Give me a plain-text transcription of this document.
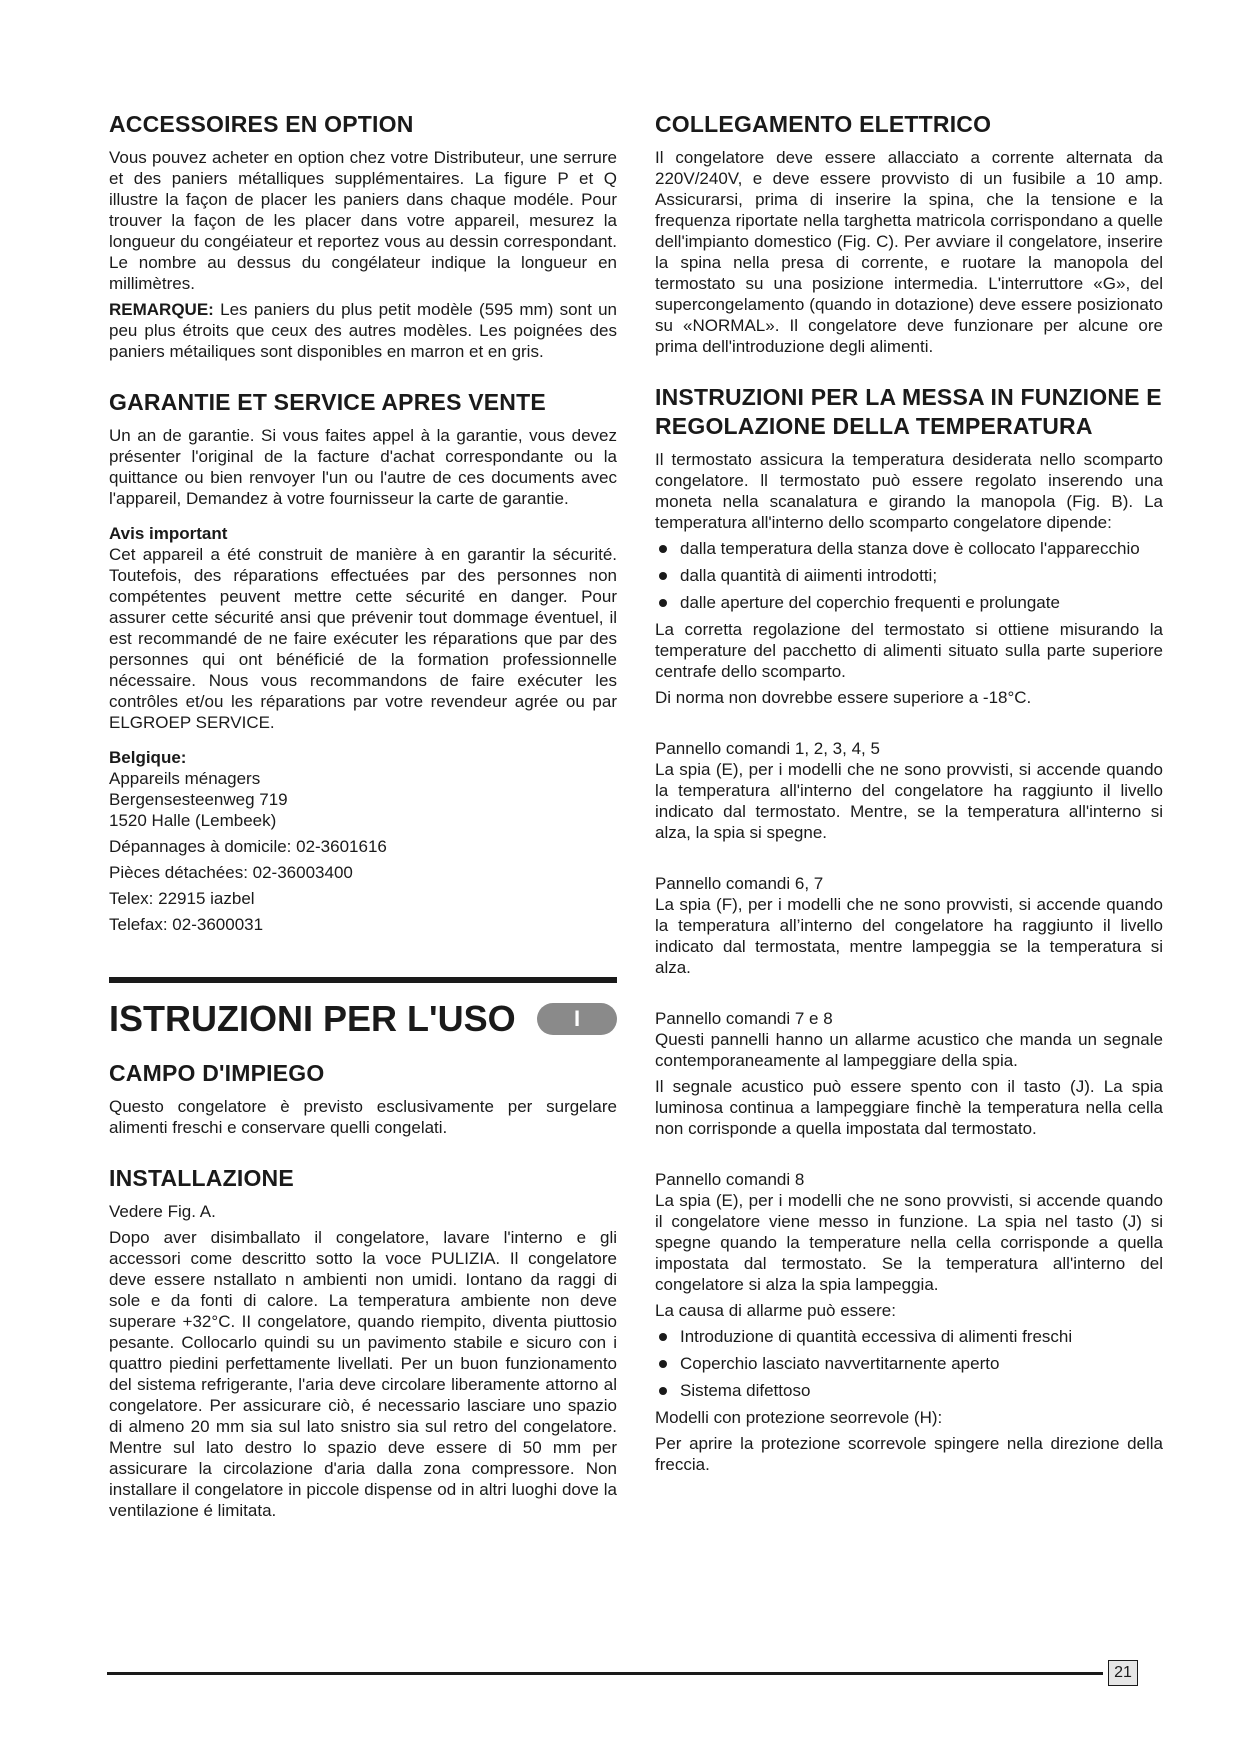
ACCESSOIRES EN OPTION

Vous pouvez acheter en option chez votre Distributeur, une serrure et des paniers métalliques supplémentaires. La figure P et Q illustre la façon de placer les paniers dans chaque modéle. Pour trouver la façon de les placer dans votre appareil, mesurez la longueur du congéiateur et reportez vous au dessin correspondant. Le nombre au dessus du congélateur indique la longueur en millimètres.

REMARQUE: Les paniers du plus petit modèle (595 mm) sont un peu plus étroits que ceux des autres modèles. Les poignées des paniers métailiques sont disponibles en marron et en gris.

GARANTIE ET SERVICE APRES VENTE

Un an de garantie. Si vous faites appel à la garantie, vous devez présenter l'original de la facture d'achat correspondante ou la quittance ou bien renvoyer l'un ou l'autre de ces documents avec l'appareil, Demandez à votre fournisseur la carte de garantie.

Avis important

Cet appareil a été construit de manière à en garantir la sécurité. Toutefois, des réparations effectuées par des personnes non compétentes peuvent mettre cette sécurité en danger. Pour assurer cette sécurité ansi que prévenir tout dommage éventuel, il est recommandé de ne faire exécuter les réparations que par des personnes qui ont bénéficié de la formation professionnelle nécessaire. Nous vous recommandons de faire exécuter les contrôles et/ou les réparations par votre revendeur agrée ou par ELGROEP SERVICE.

Belgique:

Appareils ménagers

Bergensesteenweg 719

1520 Halle (Lembeek)

Dépannages à domicile: 02-3601616

Pièces détachées: 02-36003400

Telex: 22915 iazbel

Telefax: 02-3600031

ISTRUZIONI PER L'USO	I
CAMPO D'IMPIEGO

Questo congelatore è previsto esclusivamente per surgelare alimenti freschi e conservare quelli congelati.

INSTALLAZIONE

Vedere Fig. A.

Dopo aver disimballato il congelatore, lavare l'interno e gli accessori come descritto sotto la voce PULIZIA. Il congelatore deve essere nstallato n ambienti non umidi. Iontano da raggi di sole e da fonti di calore. La temperatura ambiente non deve superare +32°C. II congelatore, quando riempito, diventa piuttosio pesante. Collocarlo quindi su un pavimento stabile e sicuro con i quattro piedini perfettamente livellati. Per un buon funzionamento del sistema refrigerante, l'aria deve circolare liberamente attorno al congelatore. Per assicurare ciò, é necessario lasciare uno spazio di almeno 20 mm sia sul lato snistro sia sul retro del congelatore. Mentre sul lato destro lo spazio deve essere di 50 mm per assicurare la circolazione d'aria dalla zona compressore. Non installare il congelatore in piccole dispense od in altri luoghi dove la ventilazione é limitata.

COLLEGAMENTO ELETTRICO

Il congelatore deve essere allacciato a corrente alternata da 220V/240V, e deve essere provvisto di un fusibile a 10 amp. Assicurarsi, prima di inserire la spina, che la tensione e la frequenza riportate nella targhetta matricola corrispondano a quelle dell'impianto domestico (Fig. C). Per avviare il congelatore, inserire la spina nella presa di corrente, e ruotare la manopola del termostato su una posizione intermedia. L'interruttore «G», del supercongelamento (quando in dotazione) deve essere posizionato su «NORMAL». Il congelatore deve funzionare per alcune ore prima dell'introduzione degli alimenti.

INSTRUZIONI PER LA MESSA IN FUNZIONE E REGOLAZIONE DELLA TEMPERATURA

Il termostato assicura la temperatura desiderata nello scomparto congelatore. ll termostato può essere regolato inserendo una moneta nella scanalatura e girando la manopola (Fig. B). La temperatura all'interno dello scomparto congelatore dipende:

dalla temperatura della stanza dove è collocato l'apparecchio
dalla quantità di aiimenti introdotti;
dalle aperture del coperchio frequenti e prolungate

La corretta regolazione del termostato si ottiene misurando la temperature del pacchetto di alimenti situato sulla parte superiore centrafe dello scomparto.

Di norma non dovrebbe essere superiore a -18°C.

Pannello comandi 1, 2, 3, 4, 5

La spia (E), per i modelli che ne sono provvisti, si accende quando la temperatura all'interno del congelatore ha raggiunto il livello indicato dal termostato. Mentre, se la temperatura all'interno si alza, la spia si spegne.

Pannello comandi 6, 7

La spia (F), per i modelli che ne sono provvisti, si accende quando la temperatura all’interno del congelatore ha raggiunto il livello indicato dal termostata, mentre lampeggia se la temperatura si alza.

Pannello comandi 7 e 8

Questi pannelli hanno un allarme acustico che manda un segnale contemporaneamente al lampeggiare della spia.

Il segnale acustico può essere spento con il tasto (J). La spia luminosa continua a lampeggiare finchè la temperatura nella cella non corrisponde a quella impostata dal termostato.

Pannello comandi 8

La spia (E), per i modelli che ne sono provvisti, si accende quando il congelatore viene messo in funzione. La spia nel tasto (J) si spegne quando la temperature nella cella corrisponde a quella impostata dal termostato. Se la temperatura all'interno del congelatore si alza la spia lampeggia.

La causa di allarme può essere:

Introduzione di quantità eccessiva di alimenti freschi
Coperchio lasciato navvertitarnente aperto
Sistema difettoso

Modelli con protezione seorrevole (H):

Per aprire la protezione scorrevole spingere nella direzione della freccia.

21
